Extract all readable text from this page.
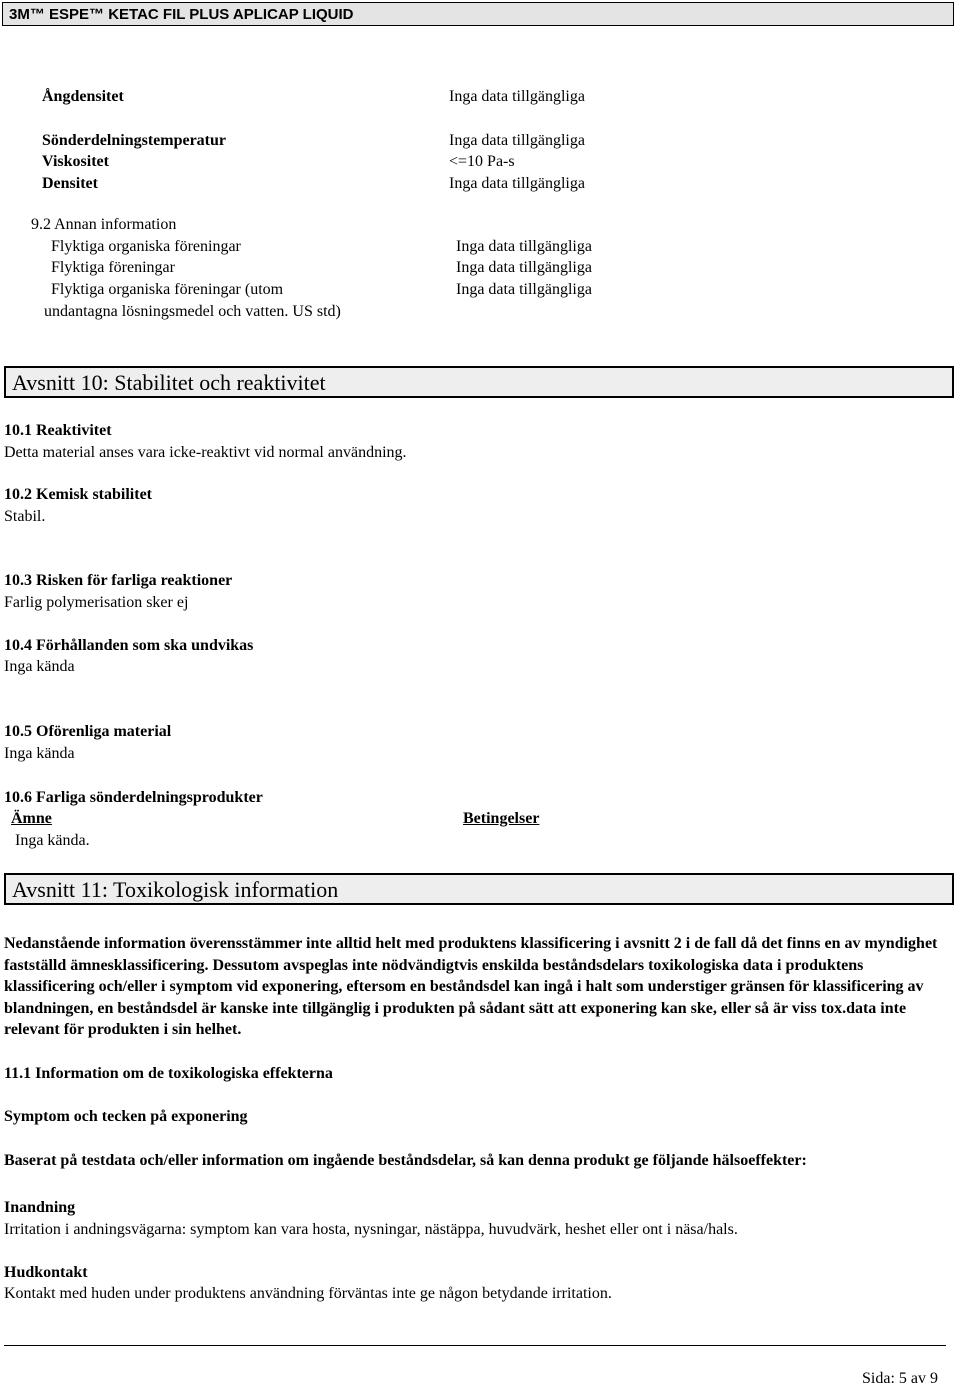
3M™ ESPE™ KETAC FIL PLUS APLICAP LIQUID
Ångdensitet	Inga data tillgängliga
Sönderdelningstemperatur	Inga data tillgängliga
Viskositet	<=10 Pa-s
Densitet	Inga data tillgängliga
9.2 Annan information
Flyktiga organiska föreningar	Inga data tillgängliga
Flyktiga föreningar	Inga data tillgängliga
Flyktiga organiska föreningar (utom	Inga data tillgängliga
undantagna lösningsmedel och vatten. US std)
Avsnitt 10: Stabilitet och reaktivitet
10.1 Reaktivitet
Detta material anses vara icke-reaktivt vid normal användning.
10.2 Kemisk stabilitet
Stabil.
10.3 Risken för farliga reaktioner
Farlig polymerisation sker ej
10.4 Förhållanden som ska undvikas
Inga kända
10.5 Oförenliga material
Inga kända
10.6 Farliga sönderdelningsprodukter
Ämne	Betingelser
Inga kända.
Avsnitt 11: Toxikologisk information
Nedanstående information överensstämmer inte alltid helt med produktens klassificering i avsnitt 2 i de fall då det finns en av myndighet fastställd ämnesklassificering. Dessutom avspeglas inte nödvändigtvis enskilda beståndsdelars toxikologiska data i produktens klassificering och/eller i symptom vid exponering, eftersom en beståndsdel kan ingå i halt som understiger gränsen för klassificering av blandningen, en beståndsdel är kanske inte tillgänglig i produkten på sådant sätt att exponering kan ske, eller så är viss tox.data inte relevant för produkten i sin helhet.
11.1 Information om de toxikologiska effekterna
Symptom och tecken på exponering
Baserat på testdata och/eller information om ingående beståndsdelar, så kan denna produkt ge följande hälsoeffekter:
Inandning
Irritation i andningsvägarna: symptom kan vara hosta, nysningar, nästäppa, huvudvärk, heshet eller ont i näsa/hals.
Hudkontakt
Kontakt med huden under produktens användning förväntas inte ge någon betydande irritation.
Sida: 5 av 9
